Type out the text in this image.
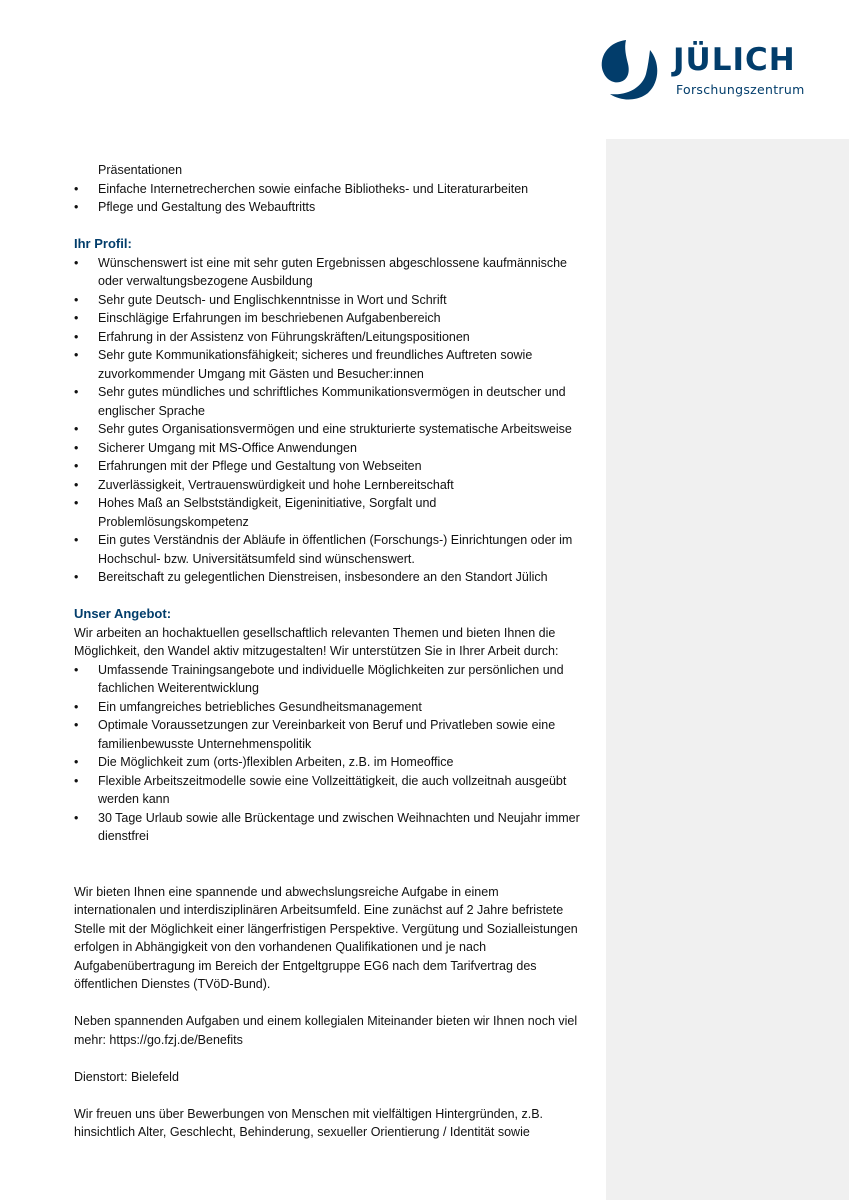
JÜLICH
Forschungszentrum

Präsentationen

• Einfache Internetrecherchen sowie einfache Bibliotheks- und Literaturarbeiten
• Pflege und Gestaltung des Webauftritts

Ihr Profil:

• Wünschenswert ist eine mit sehr guten Ergebnissen abgeschlossene kaufmännische oder verwaltungsbezogene Ausbildung
• Sehr gute Deutsch- und Englischkenntnisse in Wort und Schrift
• Einschlägige Erfahrungen im beschriebenen Aufgabenbereich
• Erfahrung in der Assistenz von Führungskräften/Leitungspositionen
• Sehr gute Kommunikationsfähigkeit; sicheres und freundliches Auftreten sowie zuvorkommender Umgang mit Gästen und Besucher:innen
• Sehr gutes mündliches und schriftliches Kommunikationsvermögen in deutscher und englischer Sprache
• Sehr gutes Organisationsvermögen und eine strukturierte systematische Arbeitsweise
• Sicherer Umgang mit MS-Office Anwendungen
• Erfahrungen mit der Pflege und Gestaltung von Webseiten
• Zuverlässigkeit, Vertrauenswürdigkeit und hohe Lernbereitschaft
• Hohes Maß an Selbstständigkeit, Eigeninitiative, Sorgfalt und Problemlösungskompetenz
• Ein gutes Verständnis der Abläufe in öffentlichen (Forschungs-) Einrichtungen oder im Hochschul- bzw. Universitätsumfeld sind wünschenswert.
• Bereitschaft zu gelegentlichen Dienstreisen, insbesondere an den Standort Jülich

Unser Angebot:

Wir arbeiten an hochaktuellen gesellschaftlich relevanten Themen und bieten Ihnen die Möglichkeit, den Wandel aktiv mitzugestalten! Wir unterstützen Sie in Ihrer Arbeit durch:

• Umfassende Trainingsangebote und individuelle Möglichkeiten zur persönlichen und fachlichen Weiterentwicklung
• Ein umfangreiches betriebliches Gesundheitsmanagement
• Optimale Voraussetzungen zur Vereinbarkeit von Beruf und Privatleben sowie eine familienbewusste Unternehmenspolitik
• Die Möglichkeit zum (orts-)flexiblen Arbeiten, z.B. im Homeoffice
• Flexible Arbeitszeitmodelle sowie eine Vollzeittätigkeit, die auch vollzeitnah ausgeübt werden kann
• 30 Tage Urlaub sowie alle Brückentage und zwischen Weihnachten und Neujahr immer dienstfrei

Wir bieten Ihnen eine spannende und abwechslungsreiche Aufgabe in einem internationalen und interdisziplinären Arbeitsumfeld. Eine zunächst auf 2 Jahre befristete Stelle mit der Möglichkeit einer längerfristigen Perspektive. Vergütung und Sozialleistungen erfolgen in Abhängigkeit von den vorhandenen Qualifikationen und je nach Aufgabenübertragung im Bereich der Entgeltgruppe EG6 nach dem Tarifvertrag des öffentlichen Dienstes (TVöD-Bund).

Neben spannenden Aufgaben und einem kollegialen Miteinander bieten wir Ihnen noch viel mehr: https://go.fzj.de/Benefits

Dienstort: Bielefeld

Wir freuen uns über Bewerbungen von Menschen mit vielfältigen Hintergründen, z.B. hinsichtlich Alter, Geschlecht, Behinderung, sexueller Orientierung / Identität sowie
